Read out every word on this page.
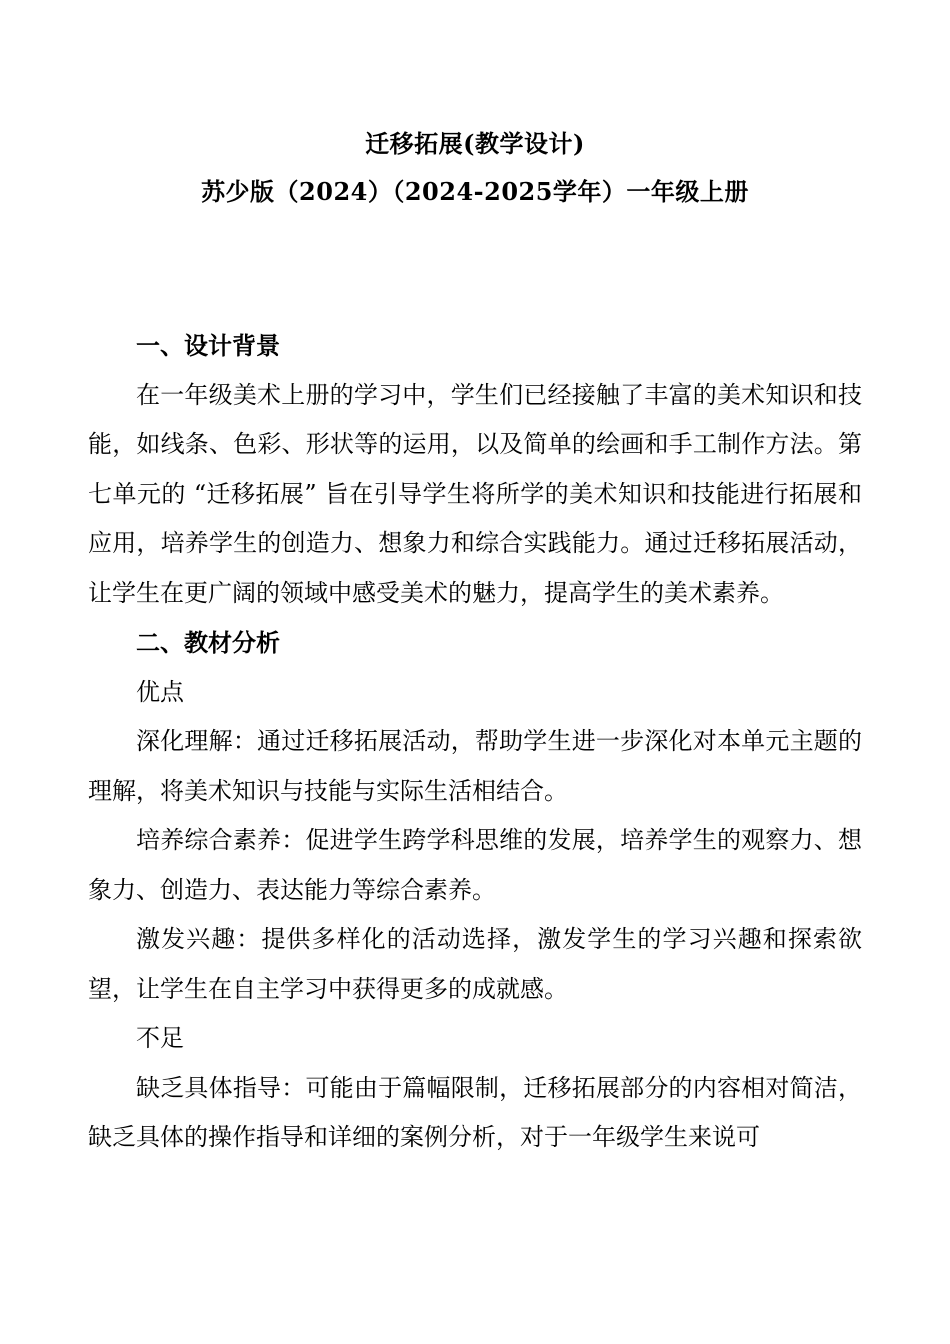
迁移拓展(教学设计)
苏少版（2024）（2024-2025学年）一年级上册

一、设计背景

在一年级美术上册的学习中，学生们已经接触了丰富的美术知识和技能，如线条、色彩、形状等的运用，以及简单的绘画和手工制作方法。第七单元的 “迁移拓展” 旨在引导学生将所学的美术知识和技能进行拓展和应用，培养学生的创造力、想象力和综合实践能力。通过迁移拓展活动，让学生在更广阔的领域中感受美术的魅力，提高学生的美术素养。

二、教材分析

优点

深化理解：通过迁移拓展活动，帮助学生进一步深化对本单元主题的理解，将美术知识与技能与实际生活相结合。

培养综合素养：促进学生跨学科思维的发展，培养学生的观察力、想象力、创造力、表达能力等综合素养。

激发兴趣：提供多样化的活动选择，激发学生的学习兴趣和探索欲望，让学生在自主学习中获得更多的成就感。

不足

缺乏具体指导：可能由于篇幅限制，迁移拓展部分的内容相对简洁，缺乏具体的操作指导和详细的案例分析，对于一年级学生来说可
